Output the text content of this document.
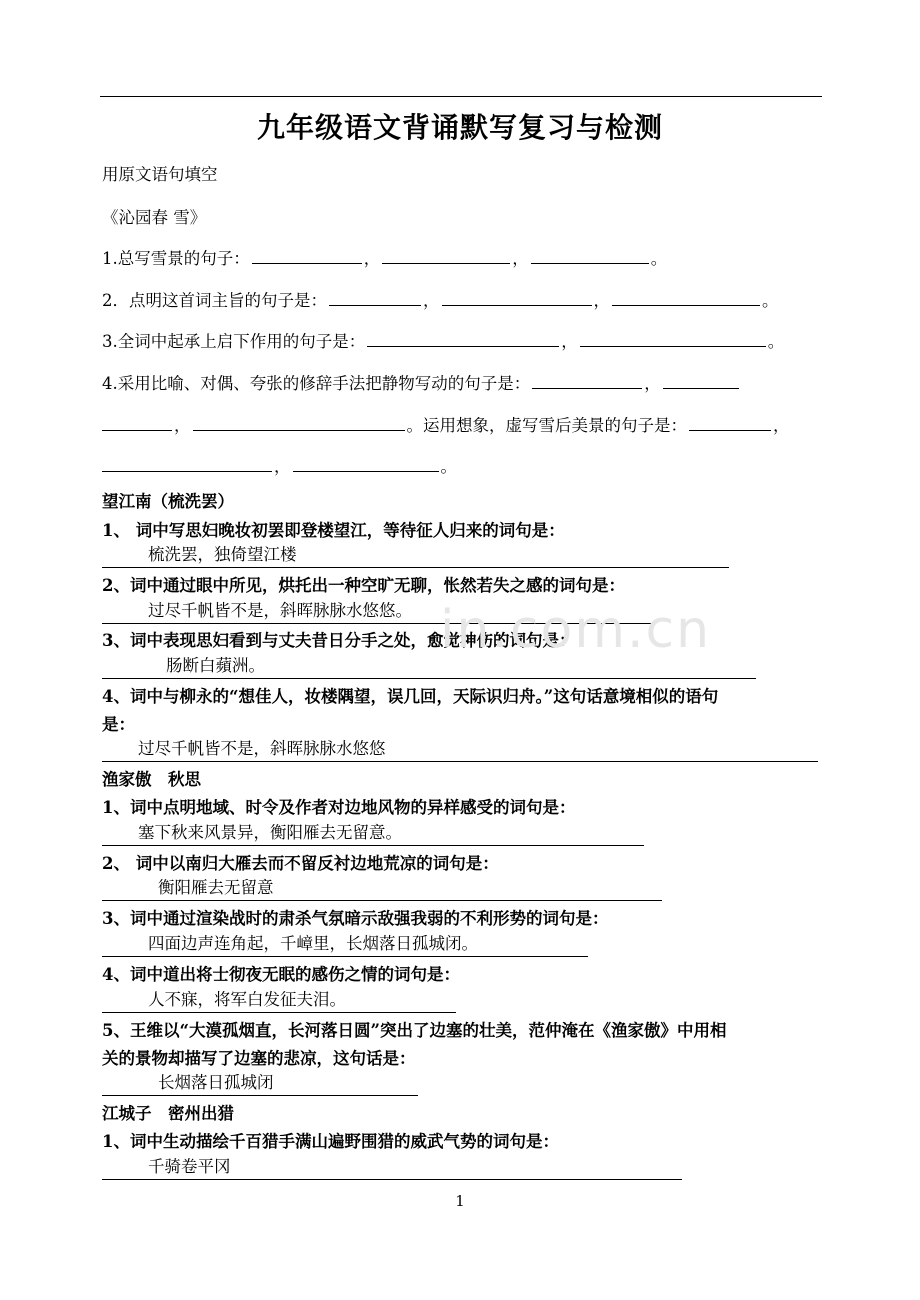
九年级语文背诵默写复习与检测
用原文语句填空
《沁园春 雪》
1.总写雪景的句子：	，	，	。
2．点明这首词主旨的句子是：	，	，	。
3.全词中起承上启下作用的句子是：	，	。
4.采用比喻、对偶、夸张的修辞手法把静物写动的句子是：	，
，	。运用想象，虚写雪后美景的句子是：	，
，	。
望江南（梳洗罢）
1、 词中写思妇晚妆初罢即登楼望江，等待征人归来的词句是：
梳洗罢，独倚望江楼
2、词中通过眼中所见，烘托出一种空旷无聊，怅然若失之感的词句是：
过尽千帆皆不是，斜晖脉脉水悠悠。
3、词中表现思妇看到与丈夫昔日分手之处，愈觉神伤的词句是：
肠断白蘋洲。
4、词中与柳永的“想佳人，妆楼隅望，误几回，天际识归舟。”这句话意境相似的语句
是：
过尽千帆皆不是，斜晖脉脉水悠悠
渔家傲　秋思
1、词中点明地域、时令及作者对边地风物的异样感受的词句是：
塞下秋来风景异，衡阳雁去无留意。
2、 词中以南归大雁去而不留反衬边地荒凉的词句是：
衡阳雁去无留意
3、词中通过渲染战时的肃杀气氛暗示敌强我弱的不利形势的词句是：
四面边声连角起，千嶂里，长烟落日孤城闭。
4、词中道出将士彻夜无眠的感伤之情的词句是：
人不寐，将军白发征夫泪。
5、王维以“大漠孤烟直，长河落日圆”突出了边塞的壮美，范仲淹在《渔家傲》中用相
关的景物却描写了边塞的悲凉，这句话是：
长烟落日孤城闭
江城子　密州出猎
1、词中生动描绘千百猎手满山遍野围猎的威武气势的词句是：
千骑卷平冈
in.com.cn
1
